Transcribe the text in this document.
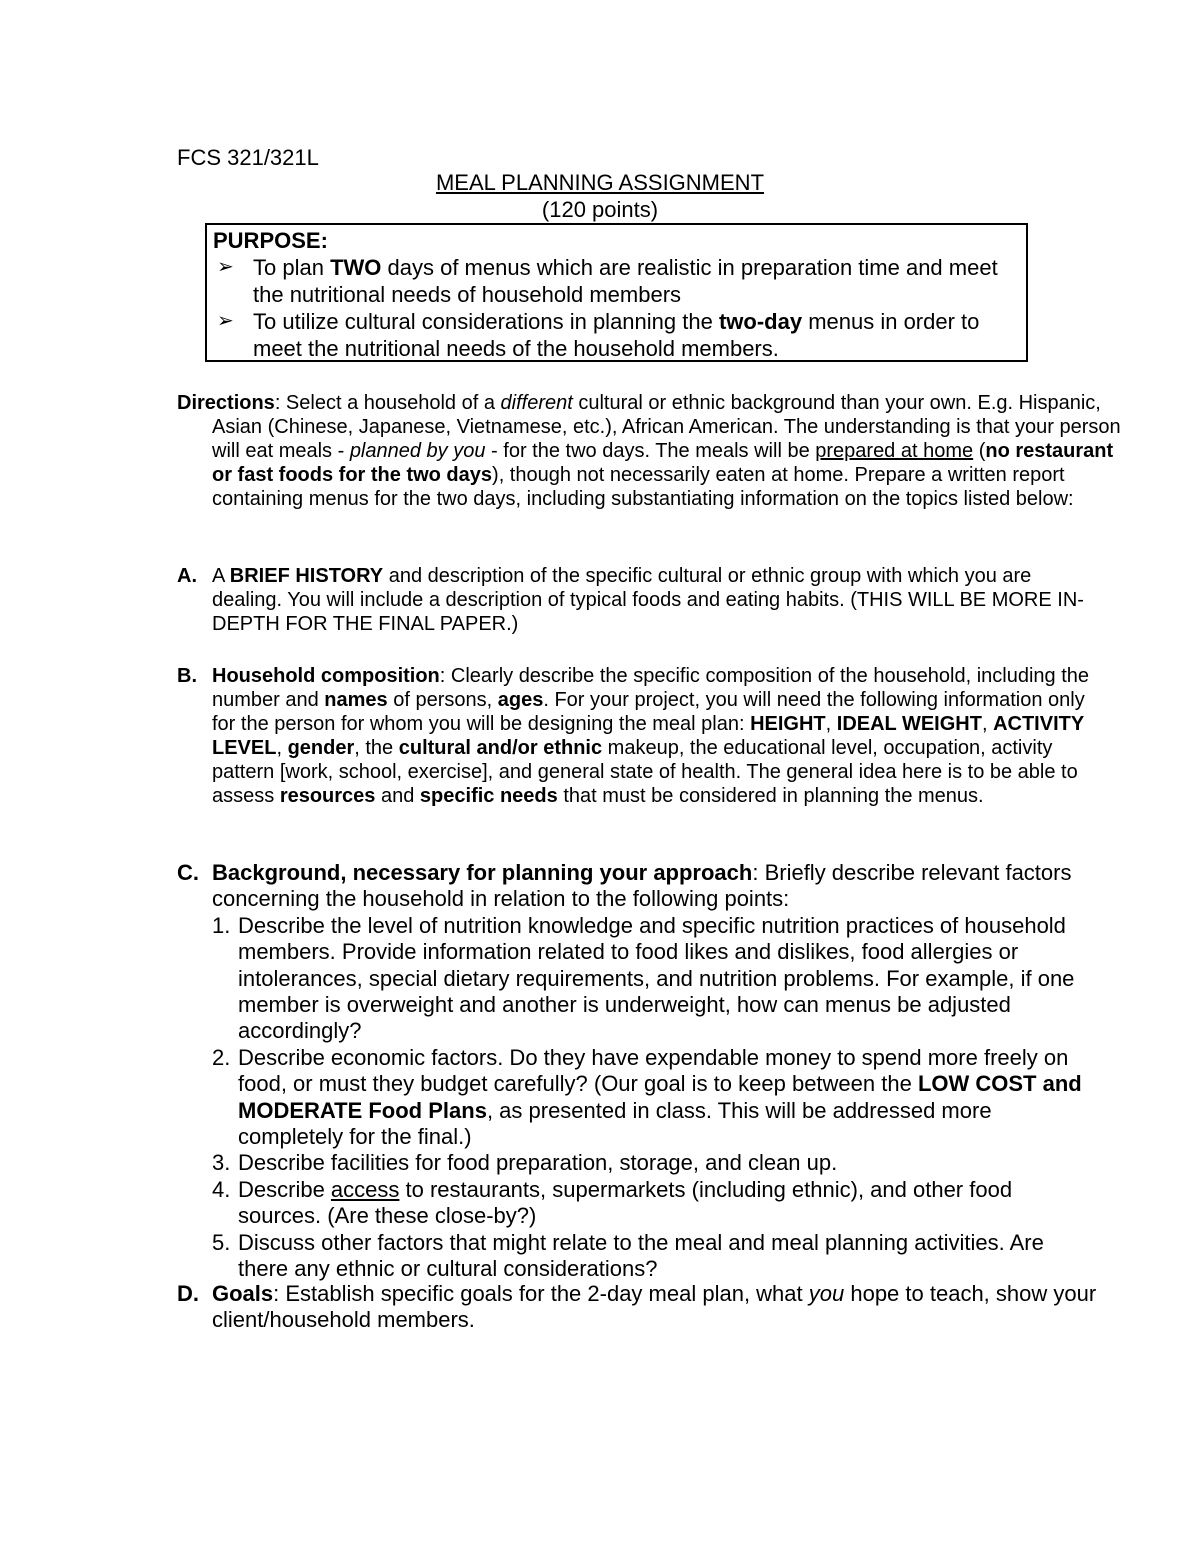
FCS 321/321L

MEAL PLANNING ASSIGNMENT

(120 points)

PURPOSE:

➢ To plan TWO days of menus which are realistic in preparation time and meet the nutritional needs of household members
➢ To utilize cultural considerations in planning the two-day menus in order to meet the nutritional needs of the household members.

Directions: Select a household of a different cultural or ethnic background than your own. E.g. Hispanic, Asian (Chinese, Japanese, Vietnamese, etc.), African American. The understanding is that your person will eat meals - planned by you - for the two days. The meals will be prepared at home (no restaurant or fast foods for the two days), though not necessarily eaten at home. Prepare a written report containing menus for the two days, including substantiating information on the topics listed below:

A. A BRIEF HISTORY and description of the specific cultural or ethnic group with which you are dealing. You will include a description of typical foods and eating habits. (THIS WILL BE MORE IN-DEPTH FOR THE FINAL PAPER.)
B. Household composition: Clearly describe the specific composition of the household, including the number and names of persons, ages. For your project, you will need the following information only for the person for whom you will be designing the meal plan: HEIGHT, IDEAL WEIGHT, ACTIVITY LEVEL, gender, the cultural and/or ethnic makeup, the educational level, occupation, activity pattern [work, school, exercise], and general state of health. The general idea here is to be able to assess resources and specific needs that must be considered in planning the menus.
C. Background, necessary for planning your approach: Briefly describe relevant factors concerning the household in relation to the following points:
1. Describe the level of nutrition knowledge and specific nutrition practices of household members. Provide information related to food likes and dislikes, food allergies or intolerances, special dietary requirements, and nutrition problems. For example, if one member is overweight and another is underweight, how can menus be adjusted accordingly?
2. Describe economic factors. Do they have expendable money to spend more freely on food, or must they budget carefully? (Our goal is to keep between the LOW COST and MODERATE Food Plans, as presented in class. This will be addressed more completely for the final.)
3. Describe facilities for food preparation, storage, and clean up.
4. Describe access to restaurants, supermarkets (including ethnic), and other food sources. (Are these close-by?)
5. Discuss other factors that might relate to the meal and meal planning activities. Are there any ethnic or cultural considerations?
D. Goals: Establish specific goals for the 2-day meal plan, what you hope to teach, show your client/household members.
